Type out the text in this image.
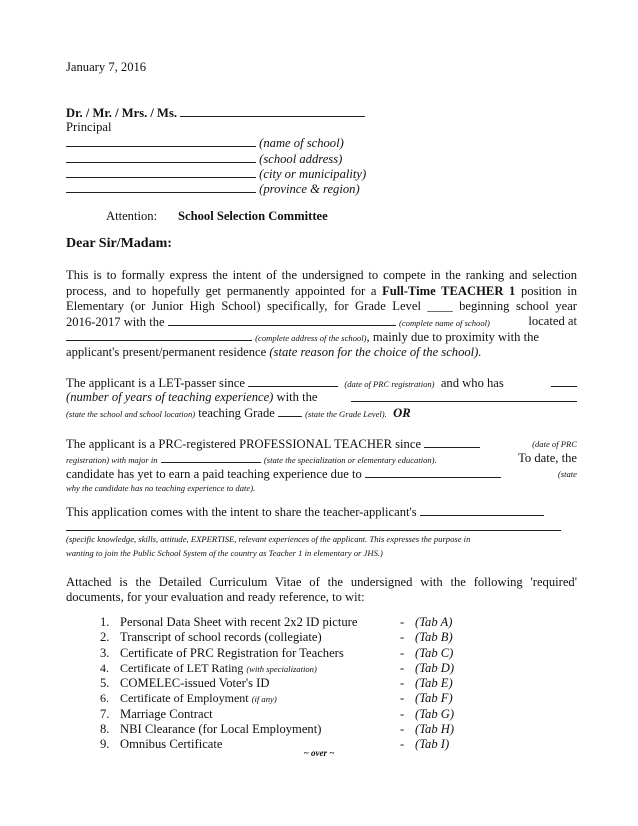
January 7, 2016
Dr. / Mr. / Mrs. / Ms.
Principal
(name of school)
(school address)
(city or municipality)
(province & region)
Attention: School Selection Committee
Dear Sir/Madam:
This is to formally express the intent of the undersigned to compete in the ranking and selection
process, and to hopefully get permanently appointed for a Full-Time TEACHER 1 position in
Elementary (or Junior High School) specifically, for Grade Level ____ beginning school year
2016-2017 with the	(complete name of school)	located at
(complete address of the school), mainly due to proximity with the
applicant's present/permanent residence (state reason for the choice of the school).
The applicant is a LET-passer since	(date of PRC registration) and who has
(number of years of teaching experience) with the
(state the school and school location) teaching Grade	(state the Grade Level). OR
The applicant is a PRC-registered PROFESSIONAL TEACHER since	(date of PRC
registration) with major in	(state the specialization or elementary education).	To date, the
candidate has yet to earn a paid teaching experience due to	(state
why the candidate has no teaching experience to date).
This application comes with the intent to share the teacher-applicant's
(specific knowledge, skills, attitude, EXPERTISE, relevant experiences of the applicant. This expresses the purpose in
wanting to join the Public School System of the country as Teacher 1 in elementary or JHS.)
Attached is the Detailed Curriculum Vitae of the undersigned with the following 'required'
documents, for your evaluation and ready reference, to wit:
1. Personal Data Sheet with recent 2x2 ID picture	- (Tab A)
2. Transcript of school records (collegiate)	- (Tab B)
3. Certificate of PRC Registration for Teachers	- (Tab C)
4. Certificate of LET Rating (with specialization)	- (Tab D)
5. COMELEC-issued Voter's ID	- (Tab E)
6. Certificate of Employment (if any)	- (Tab F)
7. Marriage Contract	- (Tab G)
8. NBI Clearance (for Local Employment)	- (Tab H)
9. Omnibus Certificate	- (Tab I)
~ over ~
